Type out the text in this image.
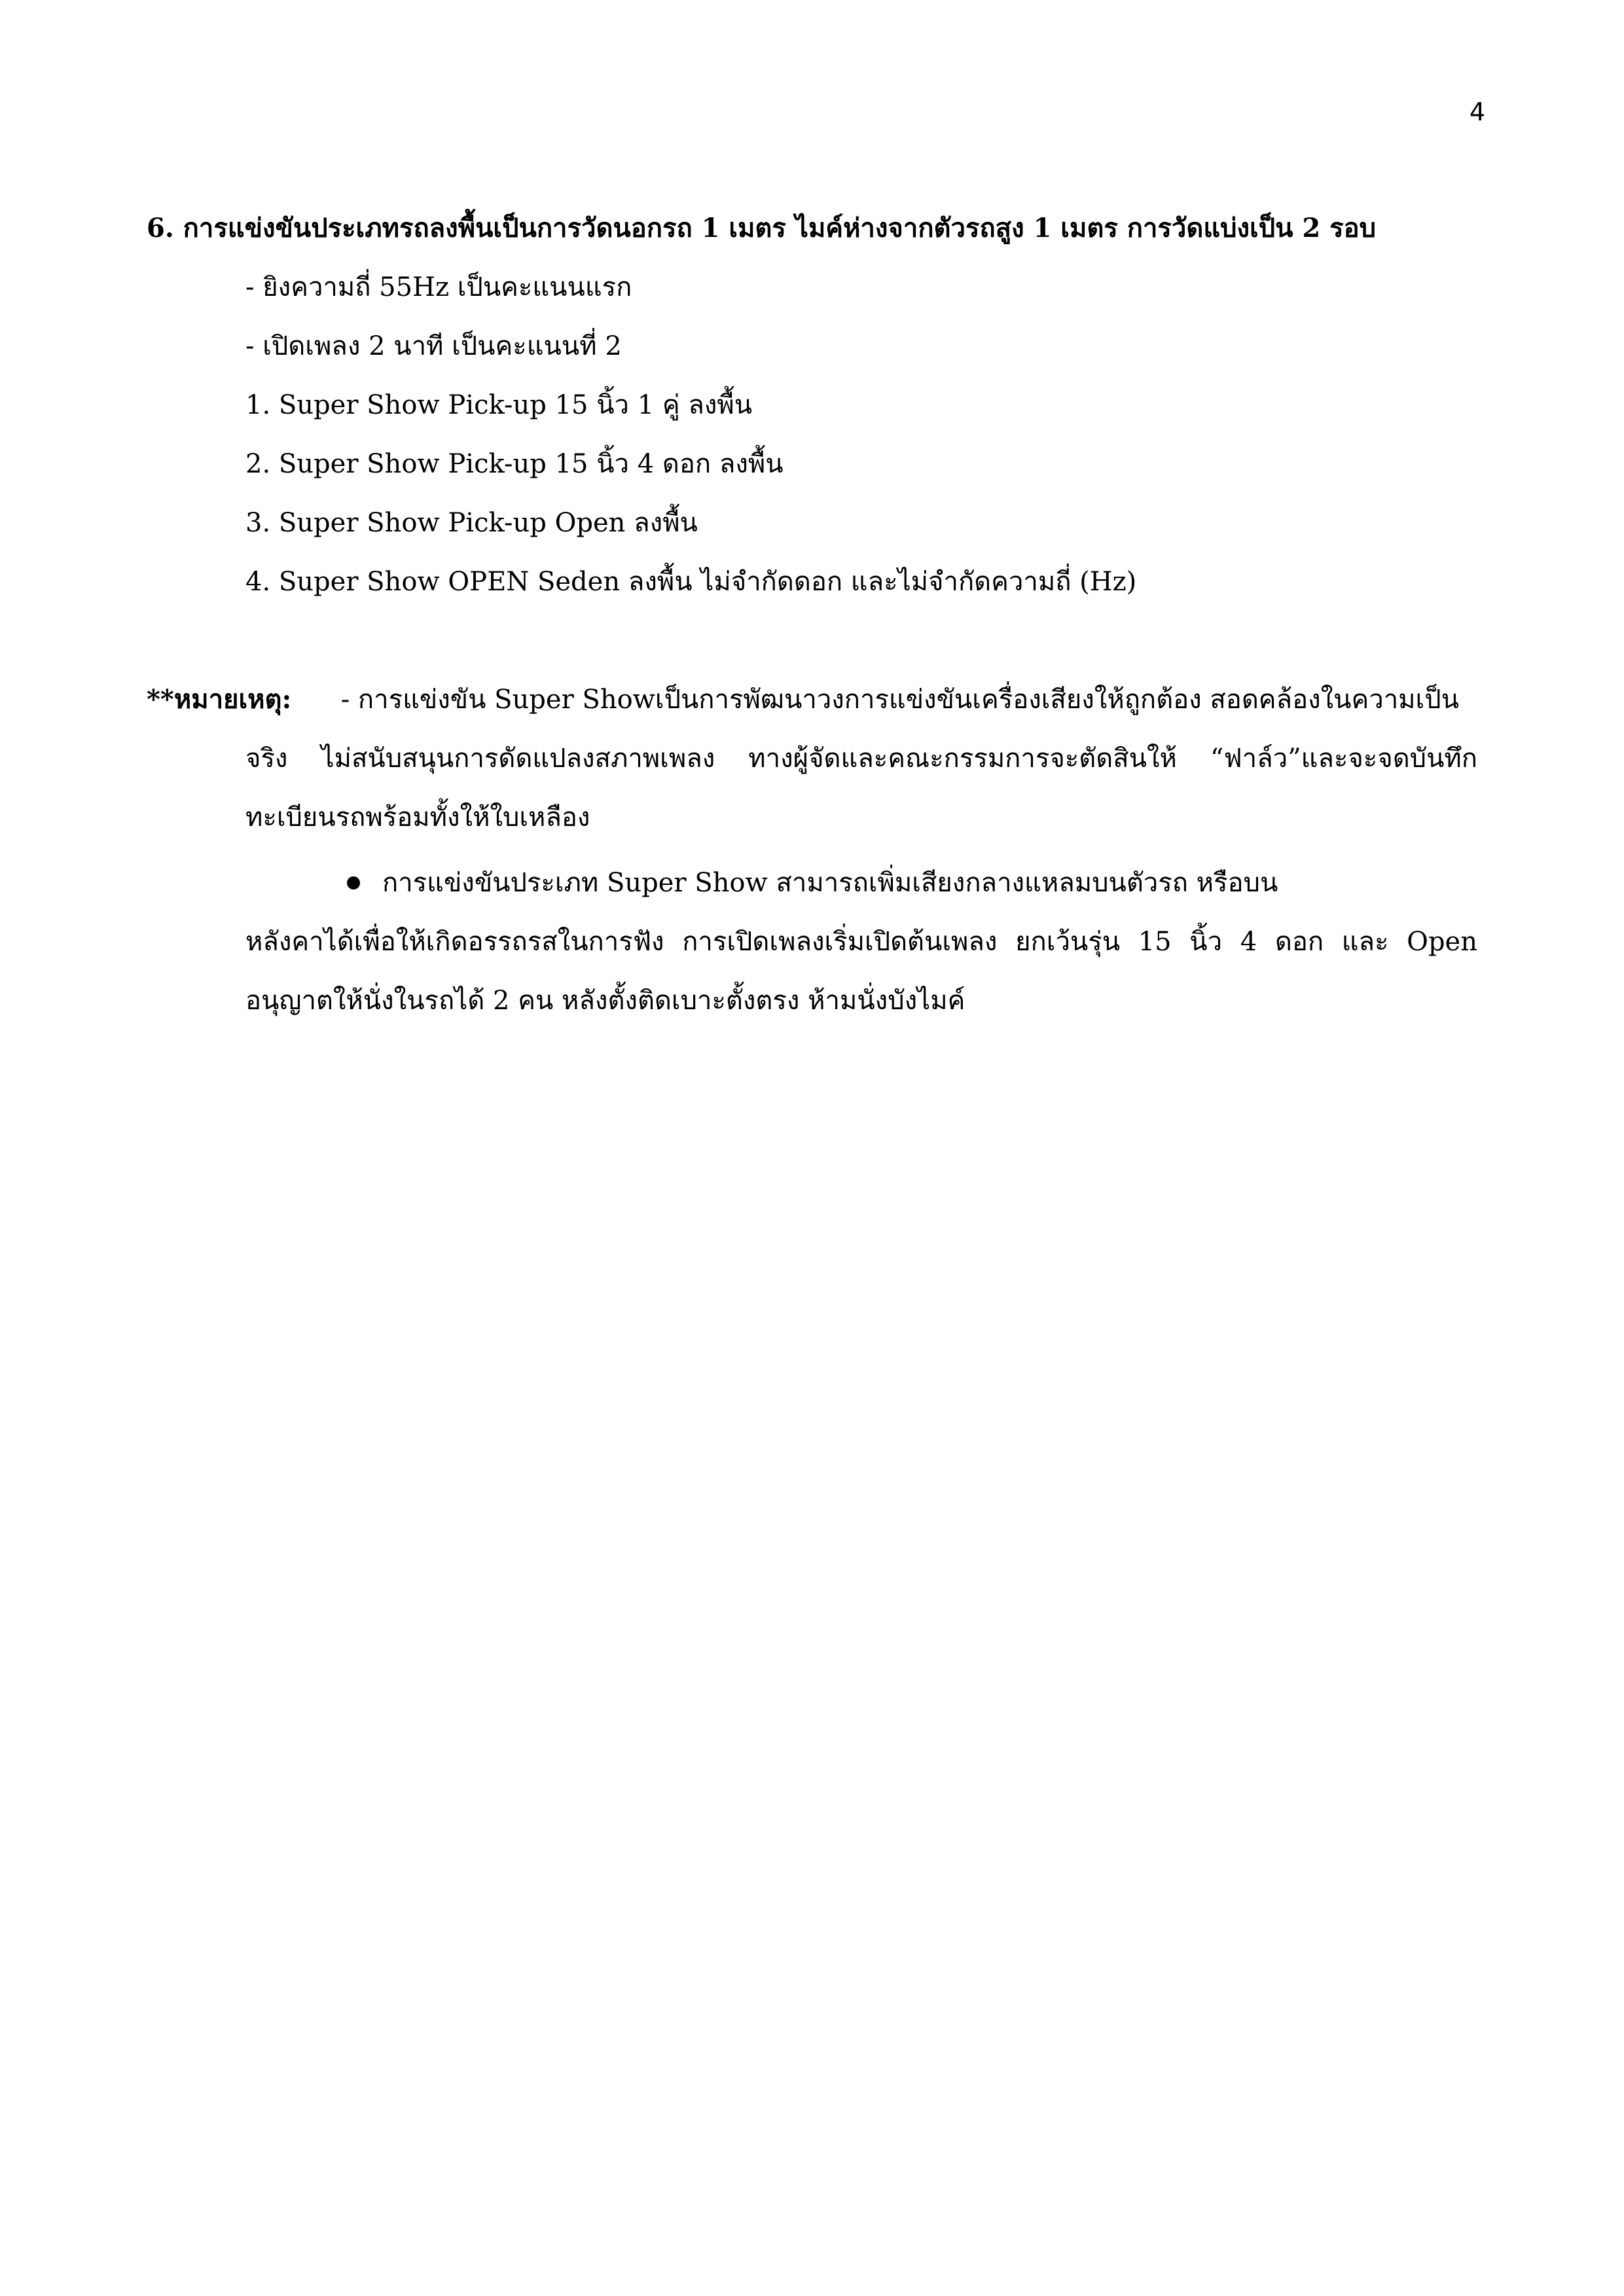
4
6. การแข่งขันประเภทรถลงพื้นเป็นการวัดนอกรถ 1 เมตร ไมค์ห่างจากตัวรถสูง 1 เมตร การวัดแบ่งเป็น 2 รอบ
- ยิงความถี่ 55Hz เป็นคะแนนแรก
- เปิดเพลง 2 นาที เป็นคะแนนที่ 2
1. Super Show Pick-up 15 นิ้ว 1 คู่ ลงพื้น
2. Super Show Pick-up 15 นิ้ว 4 ดอก ลงพื้น
3. Super Show Pick-up Open ลงพื้น
4. Super Show OPEN Seden ลงพื้น ไม่จำกัดดอก และไม่จำกัดความถี่ (Hz)
**หมายเหตุ: - การแข่งขัน Super Showเป็นการพัฒนาวงการแข่งขันเครื่องเสียงให้ถูกต้อง สอดคล้องในความเป็น
จริง ไม่สนับสนุนการดัดแปลงสภาพเพลง ทางผู้จัดและคณะกรรมการจะตัดสินให้ “ฟาล์ว”และจะจดบันทึก
ทะเบียนรถพร้อมทั้งให้ใบเหลือง
การแข่งขันประเภท Super Show สามารถเพิ่มเสียงกลางแหลมบนตัวรถ หรือบน
หลังคาได้เพื่อให้เกิดอรรถรสในการฟัง การเปิดเพลงเริ่มเปิดต้นเพลง ยกเว้นรุ่น 15 นิ้ว 4 ดอก และ Open
อนุญาตให้นั่งในรถได้ 2 คน หลังตั้งติดเบาะตั้งตรง ห้ามนั่งบังไมค์
